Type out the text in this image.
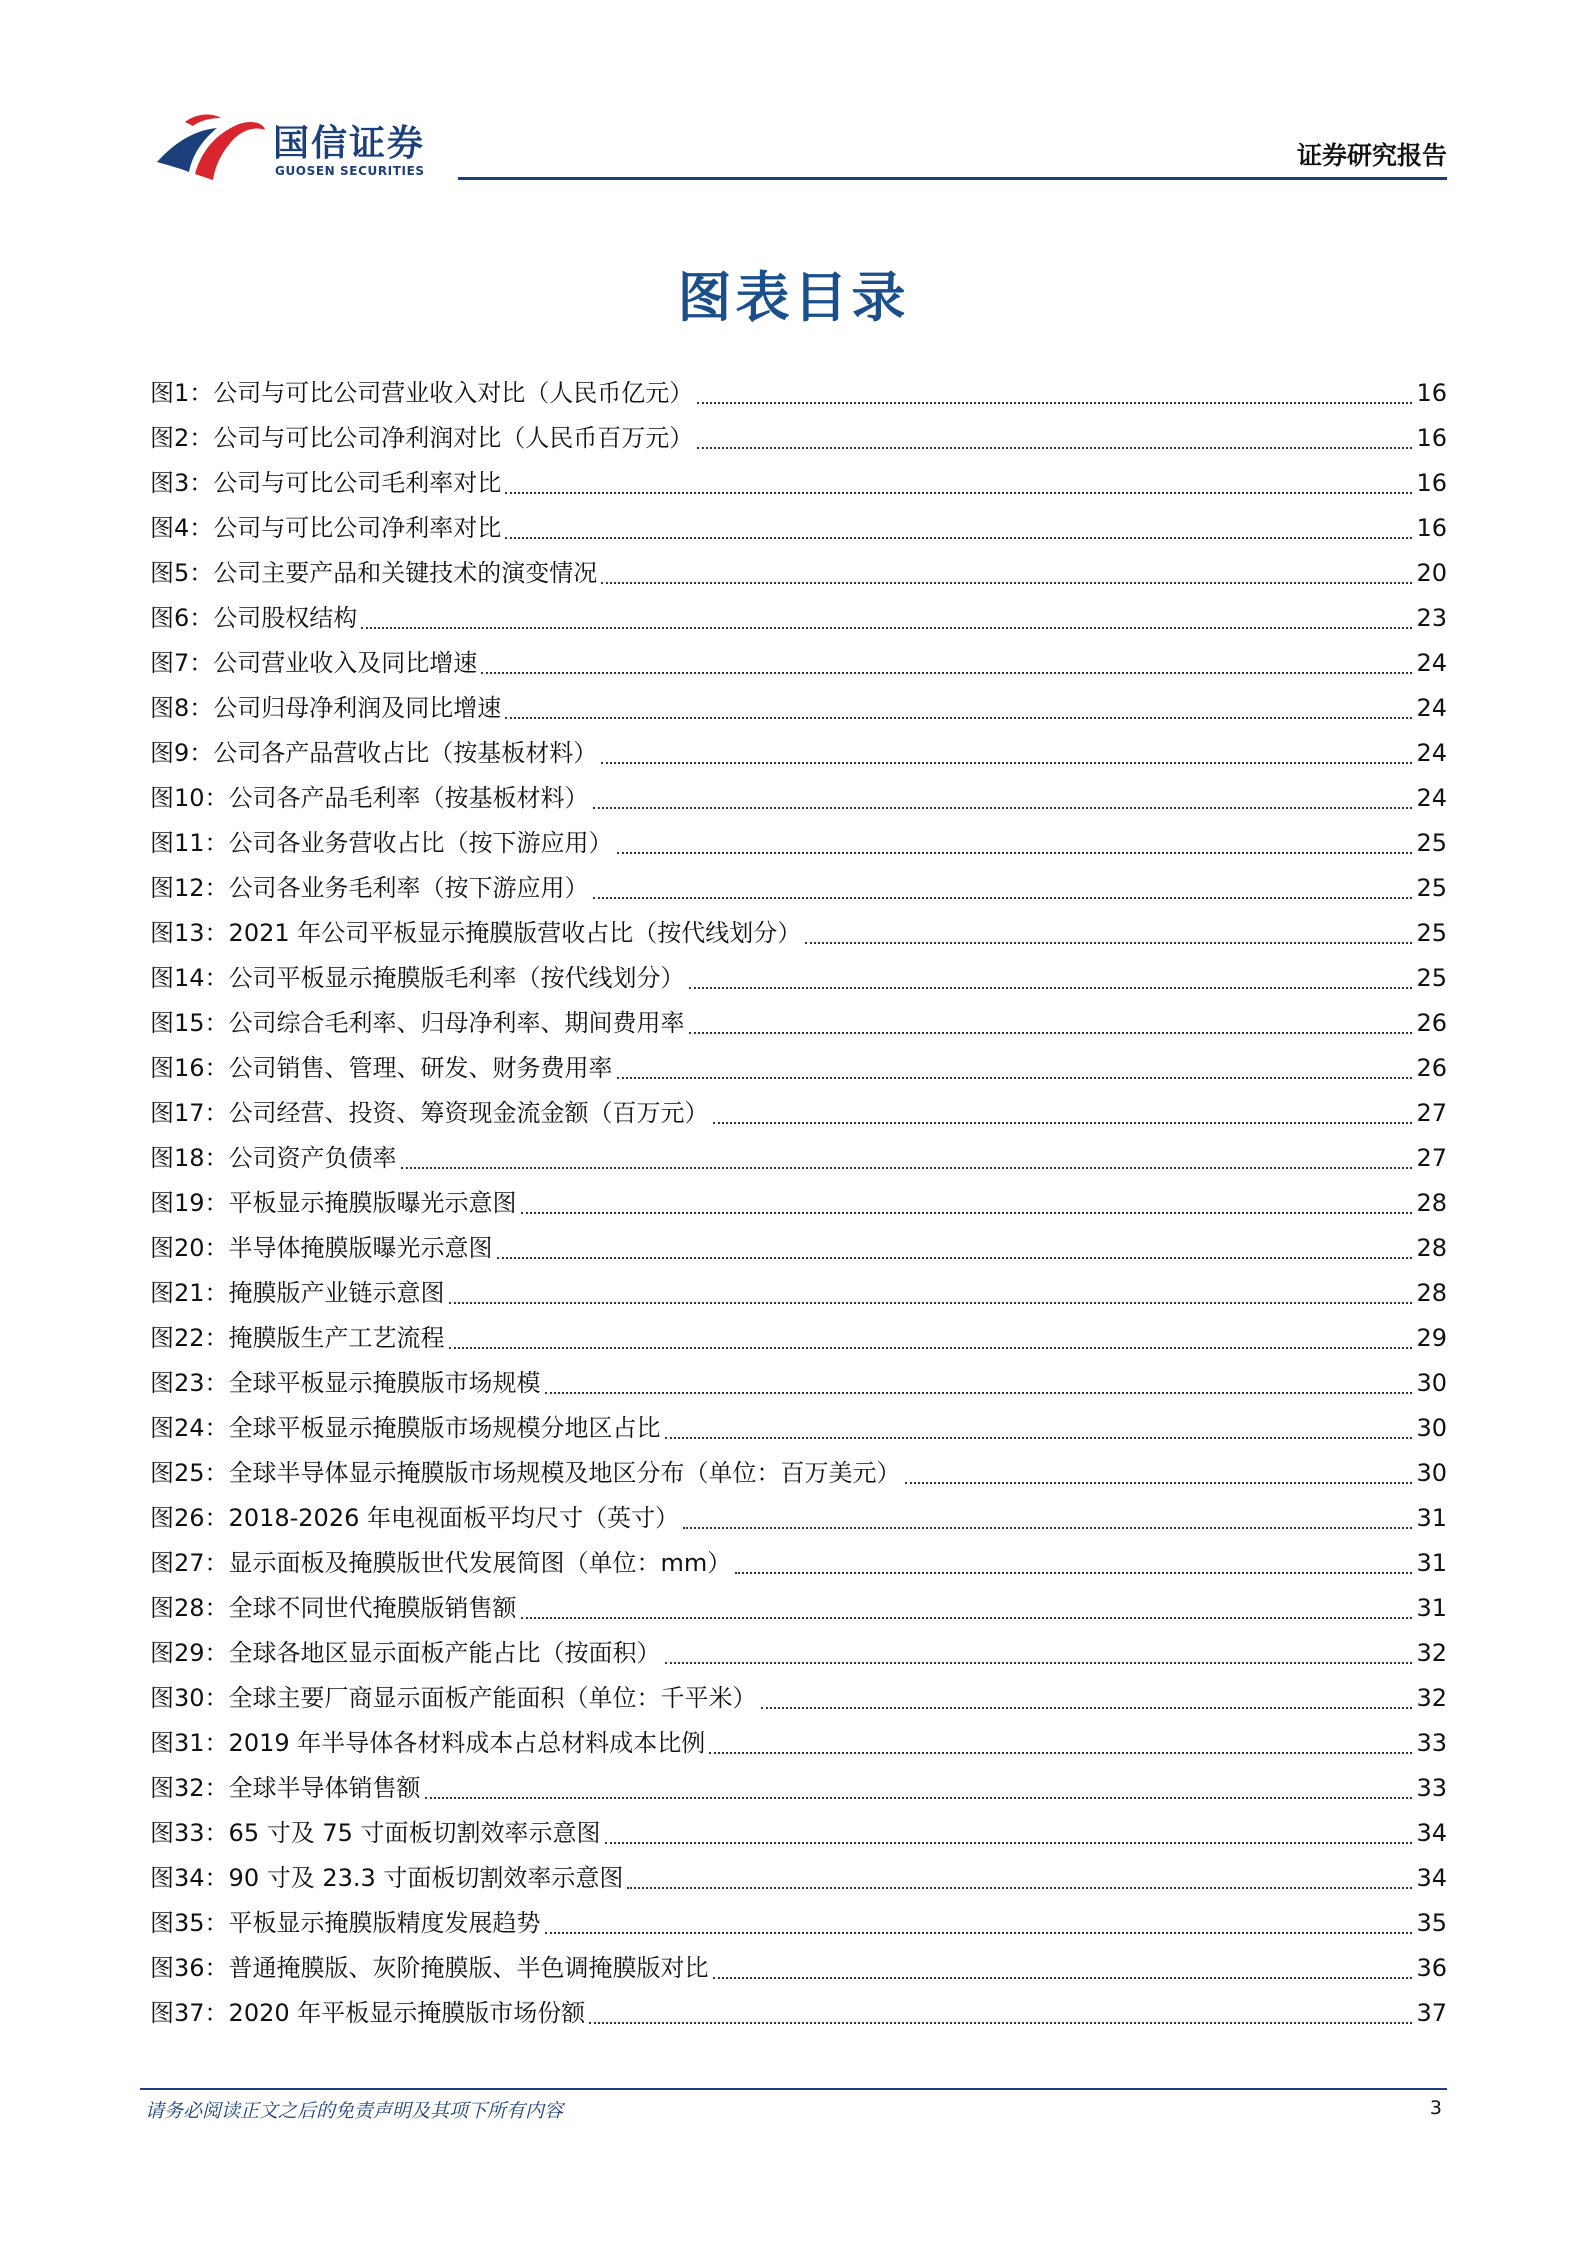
国信证券
GUOSEN SECURITIES
证券研究报告
图表目录
图1： 公司与可比公司营业收入对比（人民币亿元）	16
图2： 公司与可比公司净利润对比（人民币百万元）	16
图3： 公司与可比公司毛利率对比	16
图4： 公司与可比公司净利率对比	16
图5： 公司主要产品和关键技术的演变情况	20
图6： 公司股权结构	23
图7： 公司营业收入及同比增速	24
图8： 公司归母净利润及同比增速	24
图9： 公司各产品营收占比（按基板材料）	24
图10： 公司各产品毛利率（按基板材料）	24
图11： 公司各业务营收占比（按下游应用）	25
图12： 公司各业务毛利率（按下游应用）	25
图13： 2021 年公司平板显示掩膜版营收占比（按代线划分）	25
图14： 公司平板显示掩膜版毛利率（按代线划分）	25
图15： 公司综合毛利率、归母净利率、期间费用率	26
图16： 公司销售、管理、研发、财务费用率	26
图17： 公司经营、投资、筹资现金流金额（百万元）	27
图18： 公司资产负债率	27
图19： 平板显示掩膜版曝光示意图	28
图20： 半导体掩膜版曝光示意图	28
图21： 掩膜版产业链示意图	28
图22： 掩膜版生产工艺流程	29
图23： 全球平板显示掩膜版市场规模	30
图24： 全球平板显示掩膜版市场规模分地区占比	30
图25： 全球半导体显示掩膜版市场规模及地区分布（单位：百万美元）	30
图26： 2018-2026 年电视面板平均尺寸（英寸）	31
图27： 显示面板及掩膜版世代发展简图（单位：mm）	31
图28： 全球不同世代掩膜版销售额	31
图29： 全球各地区显示面板产能占比（按面积）	32
图30： 全球主要厂商显示面板产能面积（单位：千平米）	32
图31： 2019 年半导体各材料成本占总材料成本比例	33
图32： 全球半导体销售额	33
图33： 65 寸及 75 寸面板切割效率示意图	34
图34： 90 寸及 23.3 寸面板切割效率示意图	34
图35： 平板显示掩膜版精度发展趋势	35
图36： 普通掩膜版、灰阶掩膜版、半色调掩膜版对比	36
图37： 2020 年平板显示掩膜版市场份额	37
请务必阅读正文之后的免责声明及其项下所有内容	3
